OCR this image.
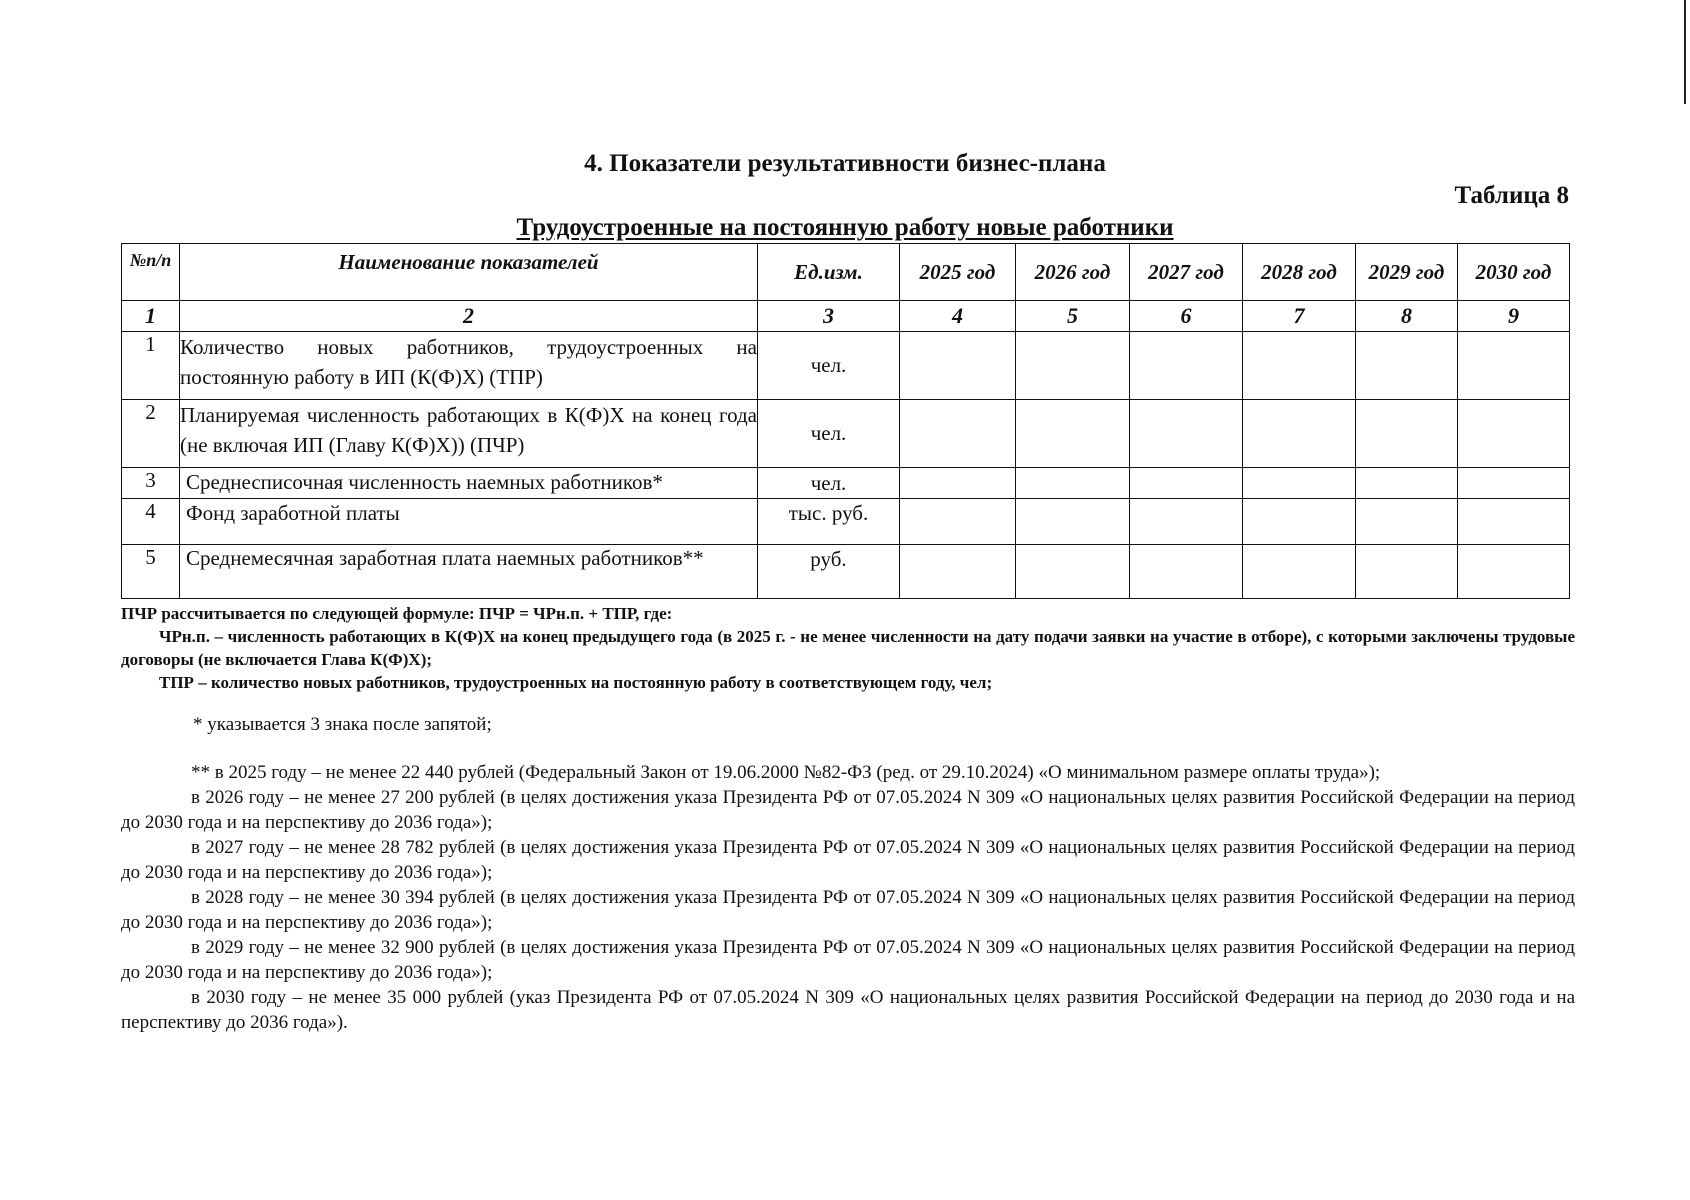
4. Показатели результативности бизнес-плана
Таблица 8
Трудоустроенные на постоянную работу новые работники
№п/п	Наименование показателей	Ед.изм.	2025 год	2026 год	2027 год	2028 год	2029 год	2030 год
1	2	3	4	5	6	7	8	9
1	Количество новых работников, трудоустроенных на постоянную работу в ИП (К(Ф)Х) (ТПР)	чел.						
2	Планируемая численность работающих в К(Ф)Х на конец года (не включая ИП (Главу К(Ф)Х)) (ПЧР)	чел.						
3	Среднесписочная численность наемных работников*	чел.						
4	Фонд заработной платы	тыс. руб.						
5	Среднемесячная заработная плата наемных работников**	руб.						

ПЧР рассчитывается по следующей формуле: ПЧР = ЧРн.п. + ТПР, где:

ЧРн.п. – численность работающих в К(Ф)Х на конец предыдущего года (в 2025 г. - не менее численности на дату подачи заявки на участие в отборе), с которыми заключены трудовые договоры (не включается Глава К(Ф)Х);

ТПР – количество новых работников, трудоустроенных на постоянную работу в соответствующем году, чел;

* указывается 3 знака после запятой;

** в 2025 году – не менее 22 440 рублей (Федеральный Закон от 19.06.2000 №82-ФЗ (ред. от 29.10.2024) «О минимальном размере оплаты труда»);

в 2026 году – не менее 27 200 рублей (в целях достижения указа Президента РФ от 07.05.2024 N 309 «О национальных целях развития Российской Федерации на период до 2030 года и на перспективу до 2036 года»);

в 2027 году – не менее 28 782 рублей (в целях достижения указа Президента РФ от 07.05.2024 N 309 «О национальных целях развития Российской Федерации на период до 2030 года и на перспективу до 2036 года»);

в 2028 году – не менее 30 394 рублей (в целях достижения указа Президента РФ от 07.05.2024 N 309 «О национальных целях развития Российской Федерации на период до 2030 года и на перспективу до 2036 года»);

в 2029 году – не менее 32 900 рублей (в целях достижения указа Президента РФ от 07.05.2024 N 309 «О национальных целях развития Российской Федерации на период до 2030 года и на перспективу до 2036 года»);

в 2030 году – не менее 35 000 рублей (указ Президента РФ от 07.05.2024 N 309 «О национальных целях развития Российской Федерации на период до 2030 года и на перспективу до 2036 года»).
